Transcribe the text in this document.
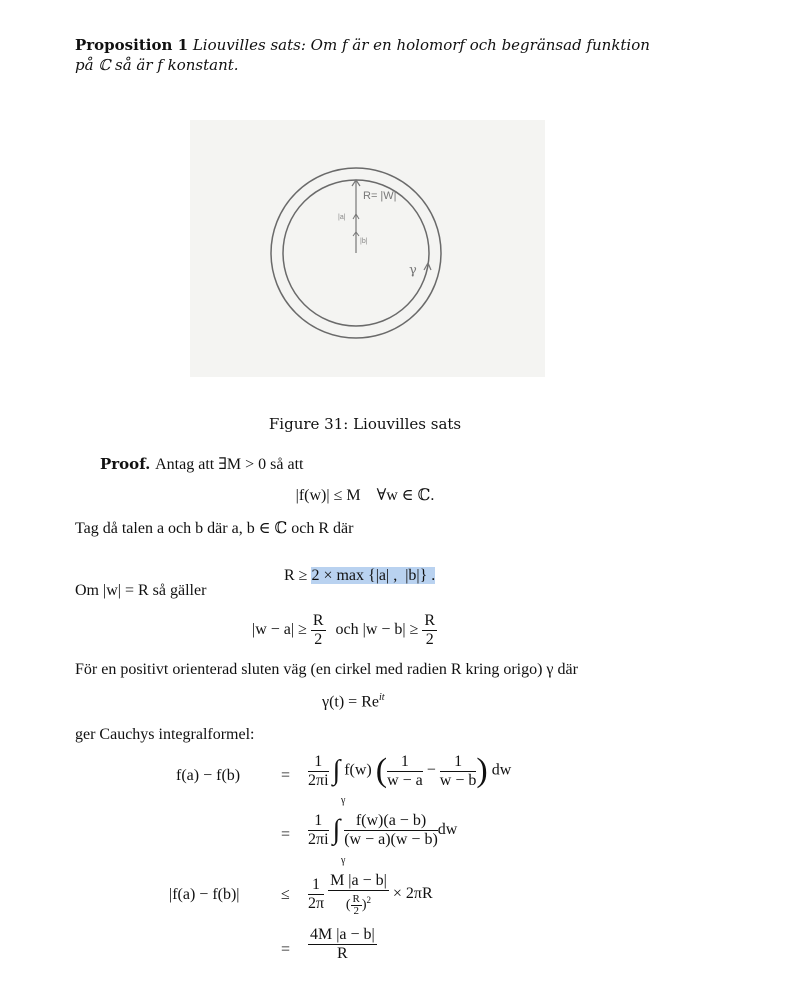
Proposition 1 Liouvilles sats: Om f är en holomorf och begränsad funktion
på ℂ så är f konstant.
R= |W|
|a|
|b|
γ
Figure 31: Liouvilles sats
Proof. Antag att ∃M > 0 så att
|f(w)| ≤ M    ∀w ∈ ℂ.
Tag då talen a och b där a, b ∈ ℂ och R där

R ≥ 2 × max {|a| ,  |b|} .

Om |w| = R så gäller
$|w - a| \ge \frac{R}{2}$ och $|w - b| \ge \frac{R}{2}$
För en positivt orienterad sluten väg (en cirkel med radien R kring origo) γ där
$\gamma(t) = Re^{it}$
ger Cauchys integralformel:
f(a) − f(b)	= $\frac{1}{2\pi i}$ ∫ f(w) ( $\frac{1}{w - a} - \frac{1}{w - b}$ ) dw
γ
= $\frac{1}{2\pi i}$ ∫ $\frac{f(w)(a - b)}{(w - a)(w - b)}$ dw
γ
|f(a) − f(b)|	≤ $\frac{1}{2\pi}$
$\frac{M |a - b|}{( \frac{R}{2} )^2} \times 2\pi R$
= $\frac{4M |a - b|}{R}$
